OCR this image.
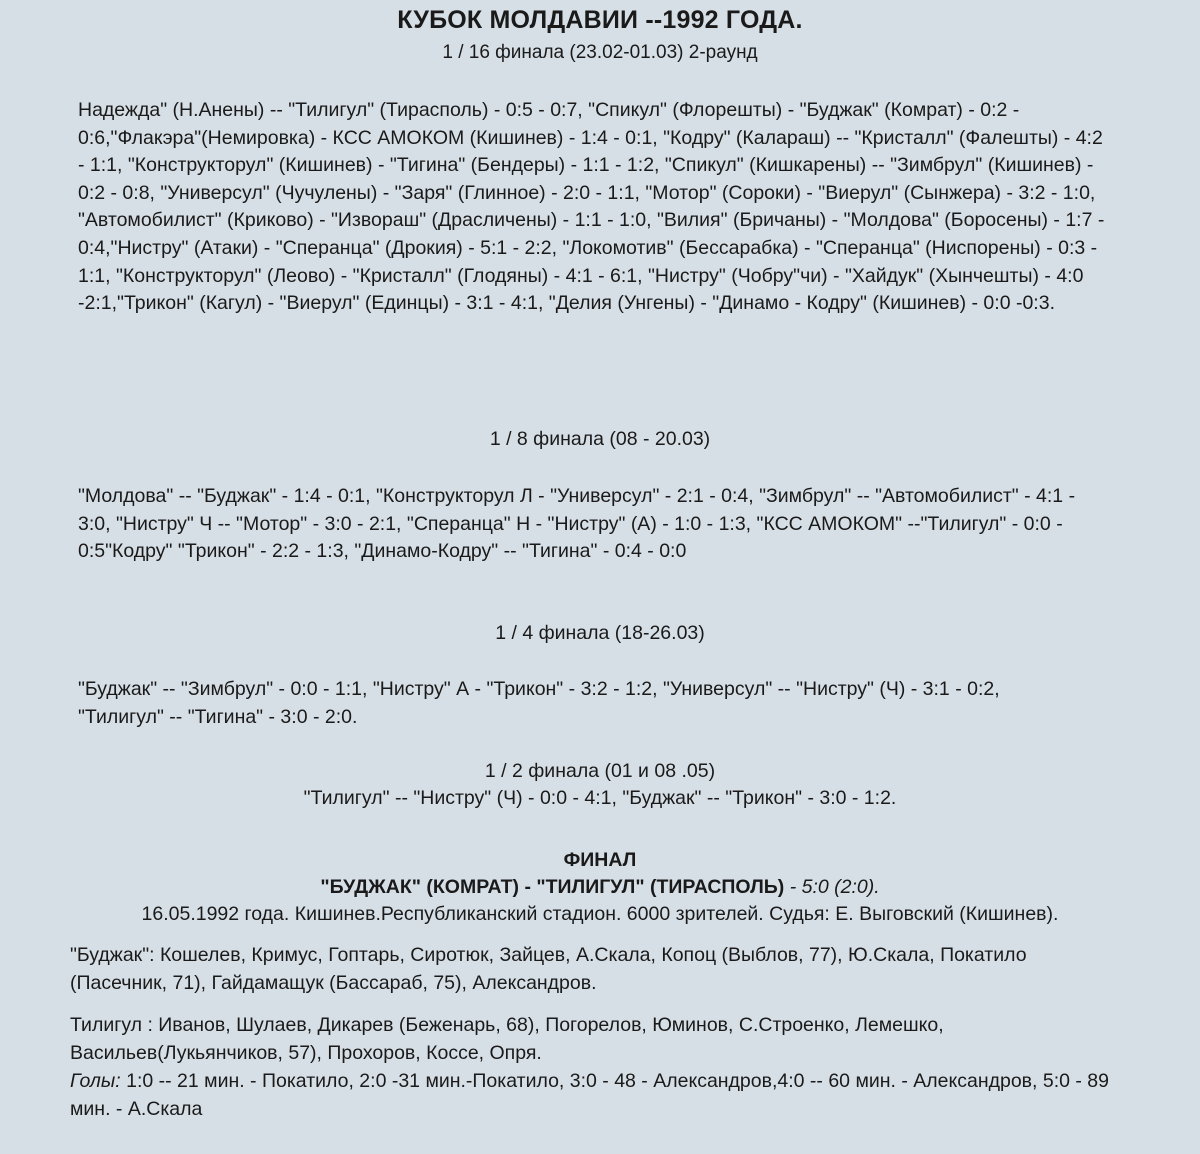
КУБОК МОЛДАВИИ --1992 ГОДА.
1 / 16 финала (23.02-01.03) 2-раунд

Надежда" (Н.Анены) -- "Тилигул" (Тирасполь) - 0:5 - 0:7, "Спикул" (Флорешты) - "Буджак" (Комрат) - 0:2 - 0:6,"Флакэра"(Немировка) - КСС АМОКОМ (Кишинев) - 1:4 - 0:1, "Кодру" (Калараш) -- "Кристалл" (Фалешты) - 4:2 - 1:1, "Конструкторул" (Кишинев) - "Тигина" (Бендеры) - 1:1 - 1:2, "Спикул" (Кишкарены) -- "Зимбрул" (Кишинев) - 0:2 - 0:8, "Универсул" (Чучулены) - "Заря" (Глинное) - 2:0 - 1:1, "Мотор" (Сороки) - "Виерул" (Сынжера) - 3:2 - 1:0, "Автомобилист" (Криково) - "Извораш" (Драсличены) - 1:1 - 1:0, "Вилия" (Бричаны) - "Молдова" (Боросены) - 1:7 - 0:4,"Нистру" (Атаки) - "Сперанца" (Дрокия) - 5:1 - 2:2, "Локомотив" (Бессарабка) - "Сперанца" (Ниспорены) - 0:3 - 1:1, "Конструкторул" (Леово) - "Кристалл" (Глодяны) - 4:1 - 6:1, "Нистру" (Чобру"чи) - "Хайдук" (Хынчешты) - 4:0 -2:1,"Трикон" (Кагул) - "Виерул" (Единцы) - 3:1 - 4:1, "Делия (Унгены) - "Динамо - Кодру" (Кишинев) - 0:0 -0:3.

1 / 8 финала (08 - 20.03)

"Молдова" -- "Буджак" - 1:4 - 0:1, "Конструкторул Л - "Универсул" - 2:1 - 0:4, "Зимбрул" -- "Автомобилист" - 4:1 - 3:0, "Нистру" Ч -- "Мотор" - 3:0 - 2:1, "Сперанца" Н - "Нистру" (А) - 1:0 - 1:3, "КСС АМОКОМ" --"Тилигул" - 0:0 - 0:5"Кодру" "Трикон" - 2:2 - 1:3, "Динамо-Кодру" -- "Тигина" - 0:4 - 0:0

1 / 4 финала (18-26.03)

"Буджак" -- "Зимбрул" - 0:0 - 1:1, "Нистру" А - "Трикон" - 3:2 - 1:2, "Универсул" -- "Нистру" (Ч) - 3:1 - 0:2, "Тилигул" -- "Тигина" - 3:0 - 2:0.

1 / 2 финала (01 и 08 .05)
"Тилигул" -- "Нистру" (Ч) - 0:0 - 4:1, "Буджак" -- "Трикон" - 3:0 - 1:2.
ФИНАЛ
"БУДЖАК" (КОМРАТ) - "ТИЛИГУЛ" (ТИРАСПОЛЬ) - 5:0 (2:0).
16.05.1992 года. Кишинев.Республиканский стадион. 6000 зрителей. Судья: Е. Выговский (Кишинев).

"Буджак": Кошелев, Кримус, Гоптарь, Сиротюк, Зайцев, А.Скала, Копоц (Выблов, 77), Ю.Скала, Покатило (Пасечник, 71), Гайдамащук (Бассараб, 75), Александров.

Тилигул : Иванов, Шулаев, Дикарев (Беженарь, 68), Погорелов, Юминов, С.Строенко, Лемешко, Васильев(Лукьянчиков, 57), Прохоров, Коссе, Опря.

Голы: 1:0 -- 21 мин. - Покатило, 2:0 -31 мин.-Покатило, 3:0 - 48 - Александров,4:0 -- 60 мин. - Александров, 5:0 - 89 мин. - А.Скала
